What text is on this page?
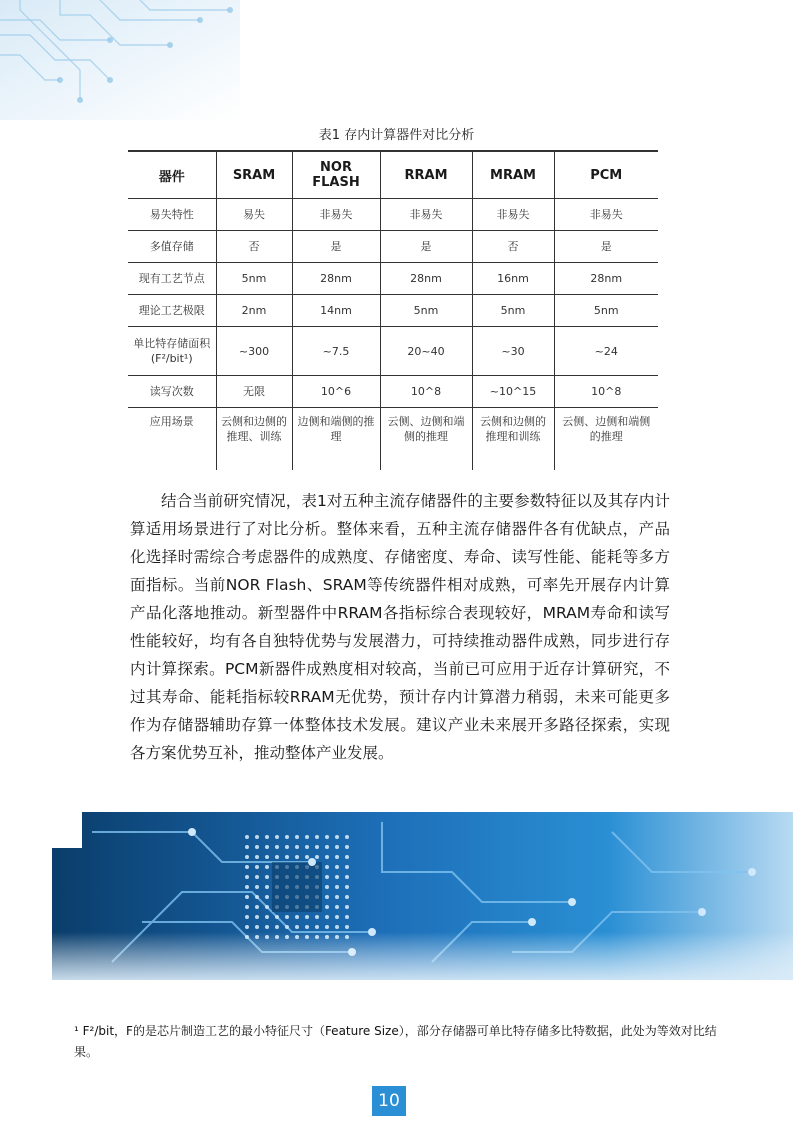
表1 存内计算器件对比分析
器件	SRAM	NOR FLASH	RRAM	MRAM	PCM
易失特性	易失	非易失	非易失	非易失	非易失
多值存储	否	是	是	否	是
现有工艺节点	5nm	28nm	28nm	16nm	28nm
理论工艺极限	2nm	14nm	5nm	5nm	5nm
单比特存储面积 (F²/bit¹)	~300	~7.5	20~40	~30	~24
读写次数	无限	10^6	10^8	~10^15	10^8
应用场景	云侧和边侧的推理、训练	边侧和端侧的推理	云侧、边侧和端侧的推理	云侧和边侧的推理和训练	云侧、边侧和端侧的推理

结合当前研究情况，表1对五种主流存储器件的主要参数特征以及其存内计算适用场景进行了对比分析。整体来看，五种主流存储器件各有优缺点，产品化选择时需综合考虑器件的成熟度、存储密度、寿命、读写性能、能耗等多方面指标。当前NOR Flash、SRAM等传统器件相对成熟，可率先开展存内计算产品化落地推动。新型器件中RRAM各指标综合表现较好，MRAM寿命和读写性能较好，均有各自独特优势与发展潜力，可持续推动器件成熟，同步进行存内计算探索。PCM新器件成熟度相对较高，当前已可应用于近存计算研究，不过其寿命、能耗指标较RRAM无优势，预计存内计算潜力稍弱，未来可能更多作为存储器辅助存算一体整体技术发展。建议产业未来展开多路径探索，实现各方案优势互补，推动整体产业发展。

¹ F²/bit，F的是芯片制造工艺的最小特征尺寸（Feature Size），部分存储器可单比特存储多比特数据，此处为等效对比结果。
10
